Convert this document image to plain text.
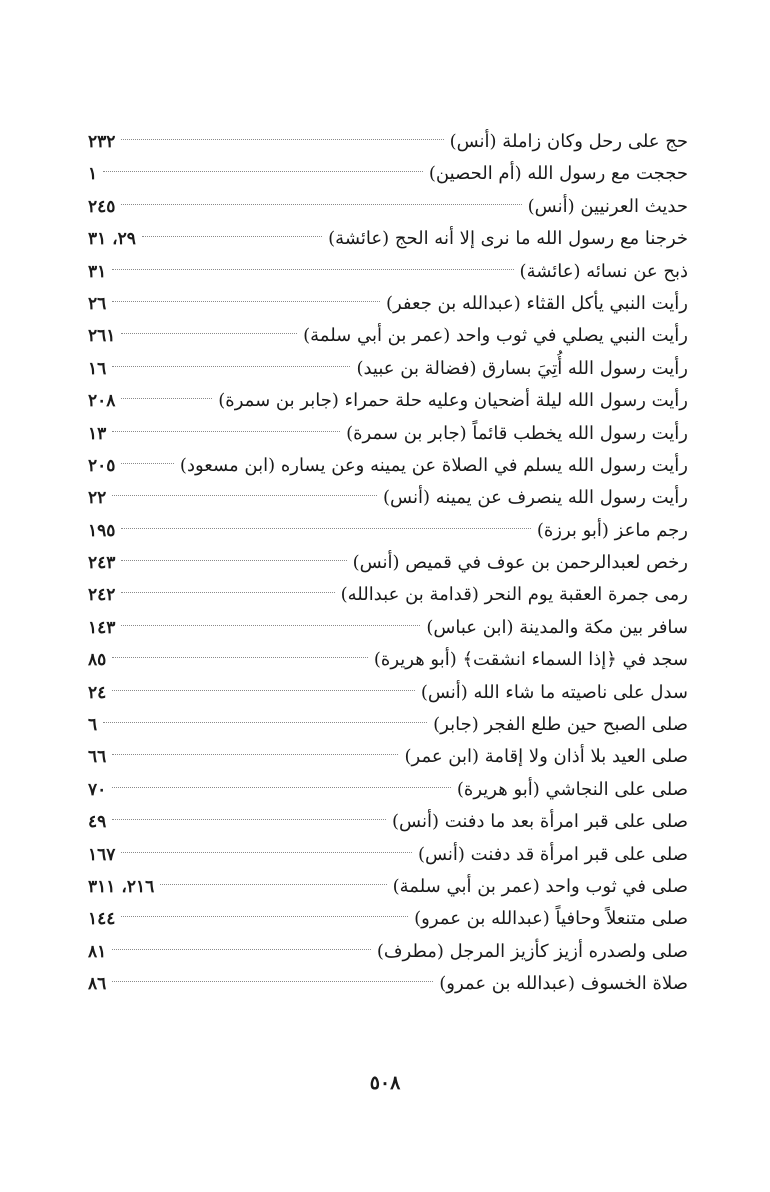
حج على رحل وكان زاملة (أنس)
٢٣٢
حججت مع رسول الله (أم الحصين)
١
حديث العرنيين (أنس)
٢٤٥
خرجنا مع رسول الله ما نرى إلا أنه الحج (عائشة)
٢٩، ٣١
ذبح عن نسائه (عائشة)
٣١
رأيت النبي يأكل القثاء (عبدالله بن جعفر)
٢٦
رأيت النبي يصلي في ثوب واحد (عمر بن أبي سلمة)
٢٦١
رأيت رسول الله أُتِيَ بسارق (فضالة بن عبيد)
١٦
رأيت رسول الله ليلة أضحيان وعليه حلة حمراء (جابر بن سمرة)
٢٠٨
رأيت رسول الله يخطب قائماً (جابر بن سمرة)
١٣
رأيت رسول الله يسلم في الصلاة عن يمينه وعن يساره (ابن مسعود)
٢٠٥
رأيت رسول الله ينصرف عن يمينه (أنس)
٢٢
رجم ماعز (أبو برزة)
١٩٥
رخص لعبدالرحمن بن عوف في قميص (أنس)
٢٤٣
رمى جمرة العقبة يوم النحر (قدامة بن عبدالله)
٢٤٢
سافر بين مكة والمدينة (ابن عباس)
١٤٣
سجد في ﴿إذا السماء انشقت﴾ (أبو هريرة)
٨٥
سدل على ناصيته ما شاء الله (أنس)
٢٤
صلى الصبح حين طلع الفجر (جابر)
٦
صلى العيد بلا أذان ولا إقامة (ابن عمر)
٦٦
صلى على النجاشي (أبو هريرة)
٧٠
صلى على قبر امرأة بعد ما دفنت (أنس)
٤٩
صلى على قبر امرأة قد دفنت (أنس)
١٦٧
صلى في ثوب واحد (عمر بن أبي سلمة)
٢١٦، ٣١١
صلى متنعلاً وحافياً (عبدالله بن عمرو)
١٤٤
صلى ولصدره أزيز كأزيز المرجل (مطرف)
٨١
صلاة الخسوف (عبدالله بن عمرو)
٨٦
٥٠٨
